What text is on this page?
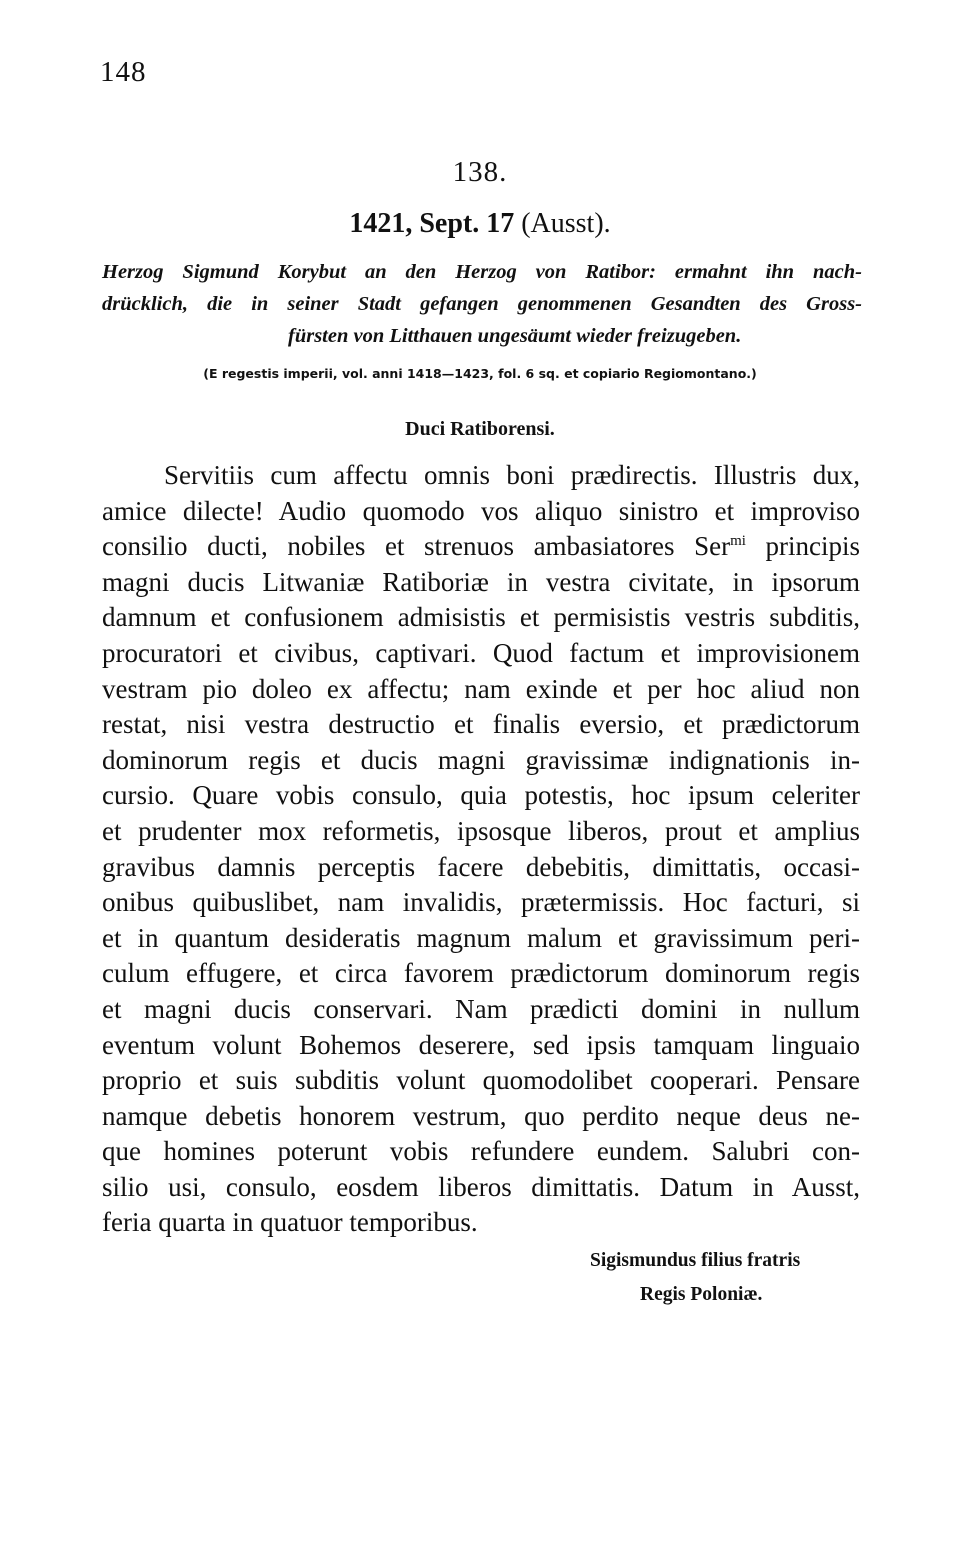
148
138.
1421, Sept. 17 (Ausst).
Herzog Sigmund Korybut an den Herzog von Ratibor: ermahnt ihn nach-
drücklich, die in seiner Stadt gefangen genommenen Gesandten des Gross-
fürsten von Litthauen ungesäumt wieder freizugeben.
(E regestis imperii, vol. anni 1418—1423, fol. 6 sq. et copiario Regiomontano.)
Duci Ratiborensi.
Servitiis cum affectu omnis boni prædirectis. Illustris dux,
amice dilecte! Audio quomodo vos aliquo sinistro et improviso
consilio ducti, nobiles et strenuos ambasiatores Ser$^{mi}$ principis
magni ducis Litwaniæ Ratiboriæ in vestra civitate, in ipsorum
damnum et confusionem admisistis et permisistis vestris subditis,
procuratori et civibus, captivari. Quod factum et improvisionem
vestram pio doleo ex affectu; nam exinde et per hoc aliud non
restat, nisi vestra destructio et finalis eversio, et prædictorum
dominorum regis et ducis magni gravissimæ indignationis in-
cursio. Quare vobis consulo, quia potestis, hoc ipsum celeriter
et prudenter mox reformetis, ipsosque liberos, prout et amplius
gravibus damnis perceptis facere debebitis, dimittatis, occasi-
onibus quibuslibet, nam invalidis, prætermissis. Hoc facturi, si
et in quantum desideratis magnum malum et gravissimum peri-
culum effugere, et circa favorem prædictorum dominorum regis
et magni ducis conservari. Nam prædicti domini in nullum
eventum volunt Bohemos deserere, sed ipsis tamquam linguaio
proprio et suis subditis volunt quomodolibet cooperari. Pensare
namque debetis honorem vestrum, quo perdito neque deus ne-
que homines poterunt vobis refundere eundem. Salubri con-
silio usi, consulo, eosdem liberos dimittatis. Datum in Ausst,
feria quarta in quatuor temporibus.
Sigismundus filius fratris
Regis Poloniæ.
